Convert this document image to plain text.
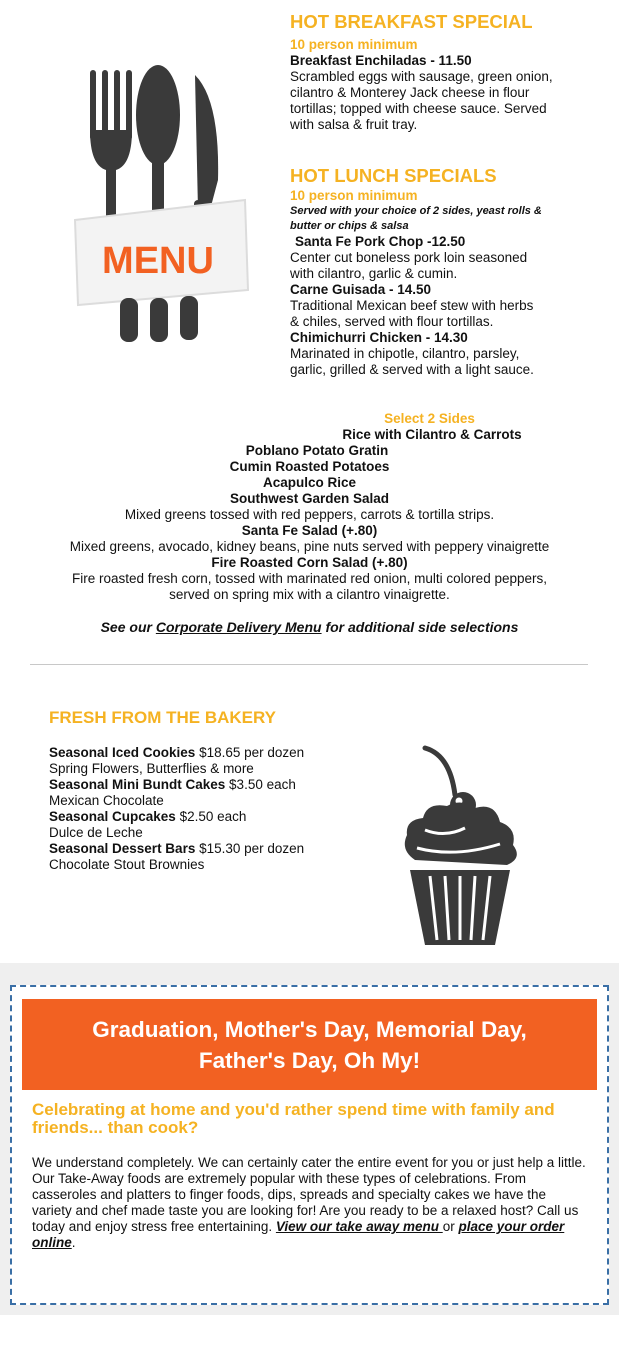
MENU
HOT BREAKFAST SPECIAL
10 person minimum
Breakfast Enchiladas - 11.50
Scrambled eggs with sausage, green onion, cilantro & Monterey Jack cheese in flour tortillas; topped with cheese sauce. Served with salsa & fruit tray.
HOT LUNCH SPECIALS
10 person minimum
Served with your choice of 2 sides, yeast rolls & butter or chips & salsa
Santa Fe Pork Chop -12.50
Center cut boneless pork loin seasoned with cilantro, garlic & cumin.
Carne Guisada - 14.50
Traditional Mexican beef stew with herbs & chiles, served with flour tortillas.
Chimichurri Chicken - 14.30
Marinated in chipotle, cilantro, parsley, garlic, grilled & served with a light sauce.
Select 2 Sides
Rice with Cilantro & Carrots
Poblano Potato Gratin
Cumin Roasted Potatoes
Acapulco Rice
Southwest Garden Salad
Mixed greens tossed with red peppers, carrots & tortilla strips.
Santa Fe Salad (+.80)
Mixed greens, avocado, kidney beans, pine nuts served with peppery vinaigrette
Fire Roasted Corn Salad (+.80)
Fire roasted fresh corn, tossed with marinated red onion, multi colored peppers,
served on spring mix with a cilantro vinaigrette.
See our Corporate Delivery Menu for additional side selections
FRESH FROM THE BAKERY
Seasonal Iced Cookies $18.65 per dozen
Spring Flowers, Butterflies & more
Seasonal Mini Bundt Cakes $3.50 each
Mexican Chocolate
Seasonal Cupcakes $2.50 each
Dulce de Leche
Seasonal Dessert Bars $15.30 per dozen
Chocolate Stout Brownies
Graduation, Mother's Day, Memorial Day,
Father's Day, Oh My!
Celebrating at home and you'd rather spend time with family and friends... than cook?
We understand completely. We can certainly cater the entire event for you or just help a little. Our Take-Away foods are extremely popular with these types of celebrations. From casseroles and platters to finger foods, dips, spreads and specialty cakes we have the variety and chef made taste you are looking for! Are you ready to be a relaxed host? Call us today and enjoy stress free entertaining. View our take away menu or place your order online.
